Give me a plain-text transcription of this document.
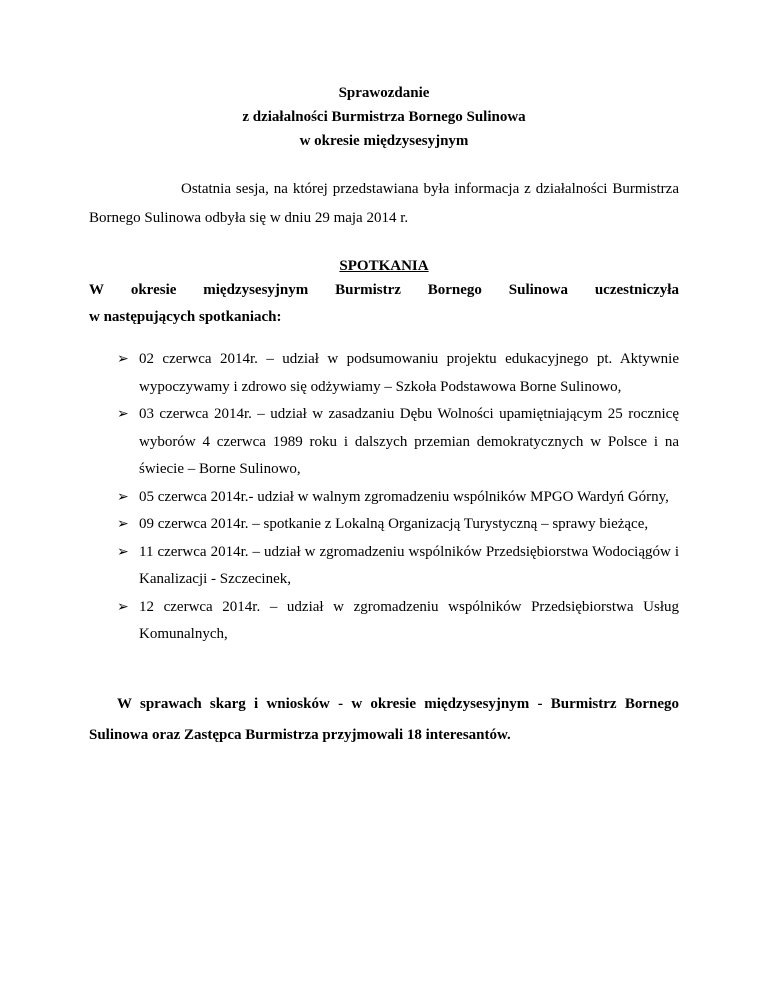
Sprawozdanie
z działalności Burmistrza Bornego Sulinowa
w okresie międzysesyjnym

Ostatnia sesja, na której przedstawiana była informacja z działalności Burmistrza Bornego Sulinowa odbyła się w dniu 29 maja 2014 r.

SPOTKANIA
W okresie międzysesyjnym Burmistrz Bornego Sulinowa uczestniczyła
w następujących spotkaniach:
➢ 02 czerwca 2014r. – udział w podsumowaniu projektu edukacyjnego pt. Aktywnie wypoczywamy i zdrowo się odżywiamy – Szkoła Podstawowa Borne Sulinowo,
➢ 03 czerwca 2014r. – udział w zasadzaniu Dębu Wolności upamiętniającym 25 rocznicę wyborów 4 czerwca 1989 roku i dalszych przemian demokratycznych w Polsce i na świecie – Borne Sulinowo,
➢ 05 czerwca 2014r.- udział w walnym zgromadzeniu wspólników MPGO Wardyń Górny,
➢ 09 czerwca 2014r. – spotkanie z Lokalną Organizacją Turystyczną – sprawy bieżące,
➢ 11 czerwca 2014r. – udział w zgromadzeniu wspólników Przedsiębiorstwa Wodociągów i Kanalizacji - Szczecinek,
➢ 12 czerwca 2014r. – udział w zgromadzeniu wspólników Przedsiębiorstwa Usług Komunalnych,

W sprawach skarg i wniosków - w okresie międzysesyjnym - Burmistrz Bornego Sulinowa oraz Zastępca Burmistrza przyjmowali 18 interesantów.
